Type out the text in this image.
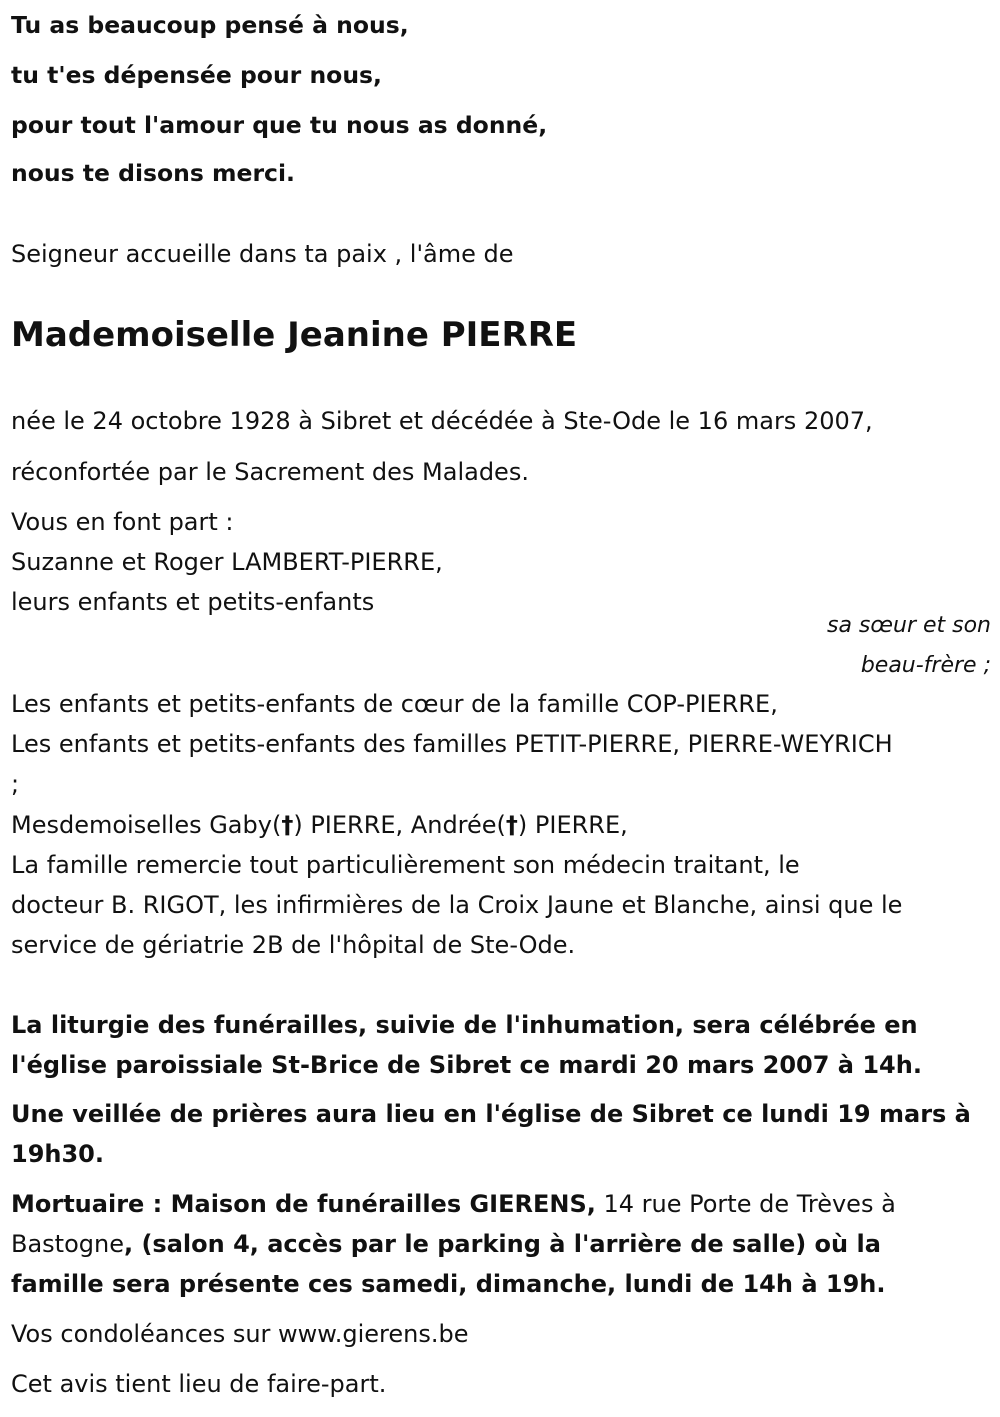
Tu as beaucoup pensé à nous,
tu t'es dépensée pour nous,
pour tout l'amour que tu nous as donné,
nous te disons merci.
Seigneur accueille dans ta paix , l'âme de
Mademoiselle Jeanine PIERRE
née le 24 octobre 1928 à Sibret et décédée à Ste-Ode le 16 mars 2007,
réconfortée par le Sacrement des Malades.
Vous en font part :
Suzanne et Roger LAMBERT-PIERRE,
leurs enfants et petits-enfants
sa sœur et son
beau-frère ;
Les enfants et petits-enfants de cœur de la famille COP-PIERRE,
Les enfants et petits-enfants des familles PETIT-PIERRE, PIERRE-WEYRICH
;
Mesdemoiselles Gaby(†) PIERRE, Andrée(†) PIERRE,
La famille remercie tout particulièrement son médecin traitant, le
docteur B. RIGOT, les infirmières de la Croix Jaune et Blanche, ainsi que le
service de gériatrie 2B de l'hôpital de Ste-Ode.
La liturgie des funérailles, suivie de l'inhumation, sera célébrée en
l'église paroissiale St-Brice de Sibret ce mardi 20 mars 2007 à 14h.
Une veillée de prières aura lieu en l'église de Sibret ce lundi 19 mars à
19h30.
Mortuaire : Maison de funérailles GIERENS, 14 rue Porte de Trèves à
Bastogne, (salon 4, accès par le parking à l'arrière de salle) où la
famille sera présente ces samedi, dimanche, lundi de 14h à 19h.
Vos condoléances sur www.gierens.be
Cet avis tient lieu de faire-part.
